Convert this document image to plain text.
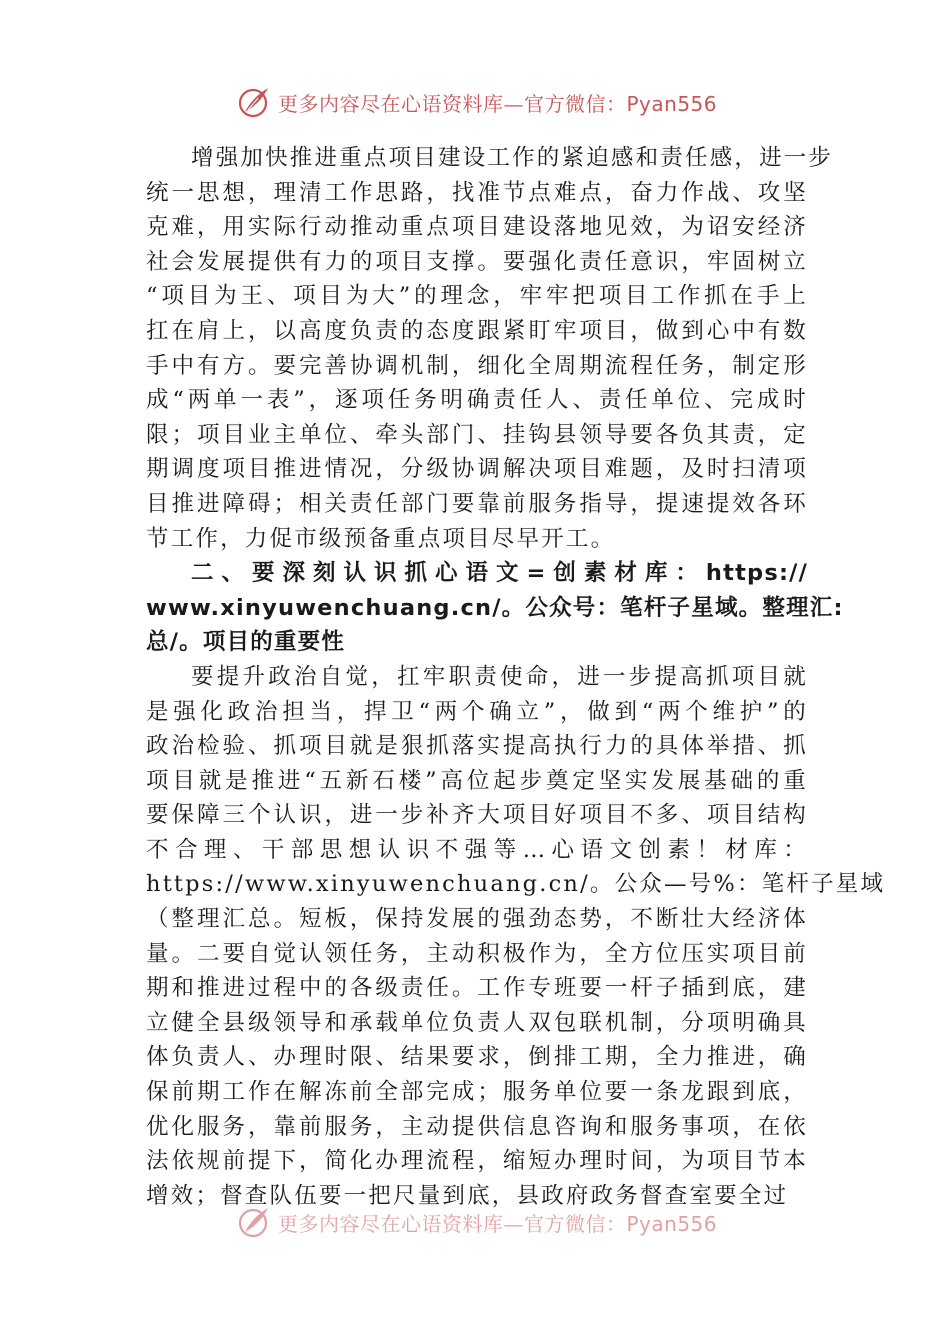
更多内容尽在心语资料库—官方微信：Pyan556

增强加快推进重点项目建设工作的紧迫感和责任感，进一步
统一思想，理清工作思路，找准节点难点，奋力作战、攻坚
克难，用实际行动推动重点项目建设落地见效，为诏安经济
社会发展提供有力的项目支撑。要强化责任意识，牢固树立
“项目为王、项目为大”的理念，牢牢把项目工作抓在手上
扛在肩上，以高度负责的态度跟紧盯牢项目，做到心中有数
手中有方。要完善协调机制，细化全周期流程任务，制定形
成“两单一表”，逐项任务明确责任人、责任单位、完成时
限；项目业主单位、牵头部门、挂钩县领导要各负其责，定
期调度项目推进情况，分级协调解决项目难题，及时扫清项
目推进障碍；相关责任部门要靠前服务指导，提速提效各环
节工作，力促市级预备重点项目尽早开工。

二、要深刻认识抓心语文=创素材库：https://
www.xinyuwenchuang.cn/。公众号：笔杆子星域。整理汇:
总/。项目的重要性

要提升政治自觉，扛牢职责使命，进一步提高抓项目就
是强化政治担当，捍卫“两个确立”，做到“两个维护”的
政治检验、抓项目就是狠抓落实提高执行力的具体举措、抓
项目就是推进“五新石楼”高位起步奠定坚实发展基础的重
要保障三个认识，进一步补齐大项目好项目不多、项目结构
不合理、干部思想认识不强等…心语文创素！材库：
https://www.xinyuwenchuang.cn/。公众—号%：笔杆子星域
（整理汇总。短板，保持发展的强劲态势，不断壮大经济体
量。二要自觉认领任务，主动积极作为，全方位压实项目前
期和推进过程中的各级责任。工作专班要一杆子插到底，建
立健全县级领导和承载单位负责人双包联机制，分项明确具
体负责人、办理时限、结果要求，倒排工期，全力推进，确
保前期工作在解冻前全部完成；服务单位要一条龙跟到底，
优化服务，靠前服务，主动提供信息咨询和服务事项，在依
法依规前提下，简化办理流程，缩短办理时间，为项目节本
增效；督查队伍要一把尺量到底，县政府政务督查室要全过

更多内容尽在心语资料库—官方微信：Pyan556
